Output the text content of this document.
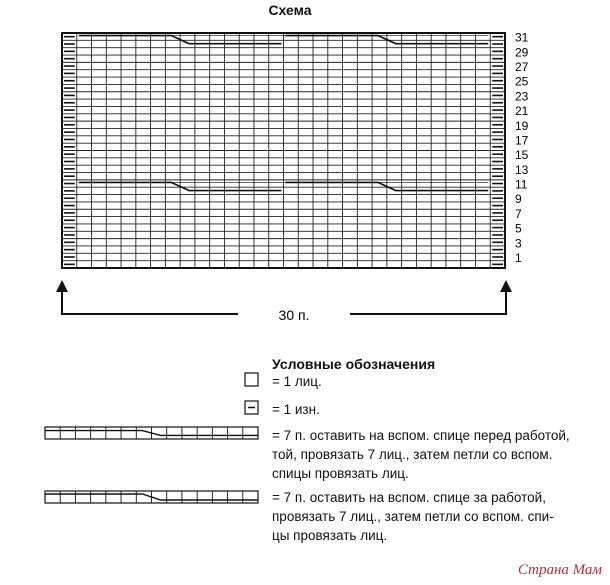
Схема
31
29
27
25
23
21
19
17
15
13
11
9
7
5
3
1
30 п.
Условные обозначения
= 1 лиц.
= 1 изн.
= 7 п. оставить на вспом. спице перед работой,
той, провязать 7 лиц., затем петли со вспом.
спицы провязать лиц.
= 7 п. оставить на вспом. спице за работой,
провязать 7 лиц., затем петли со вспом. спи-
цы провязать лиц.
Страна Мам
